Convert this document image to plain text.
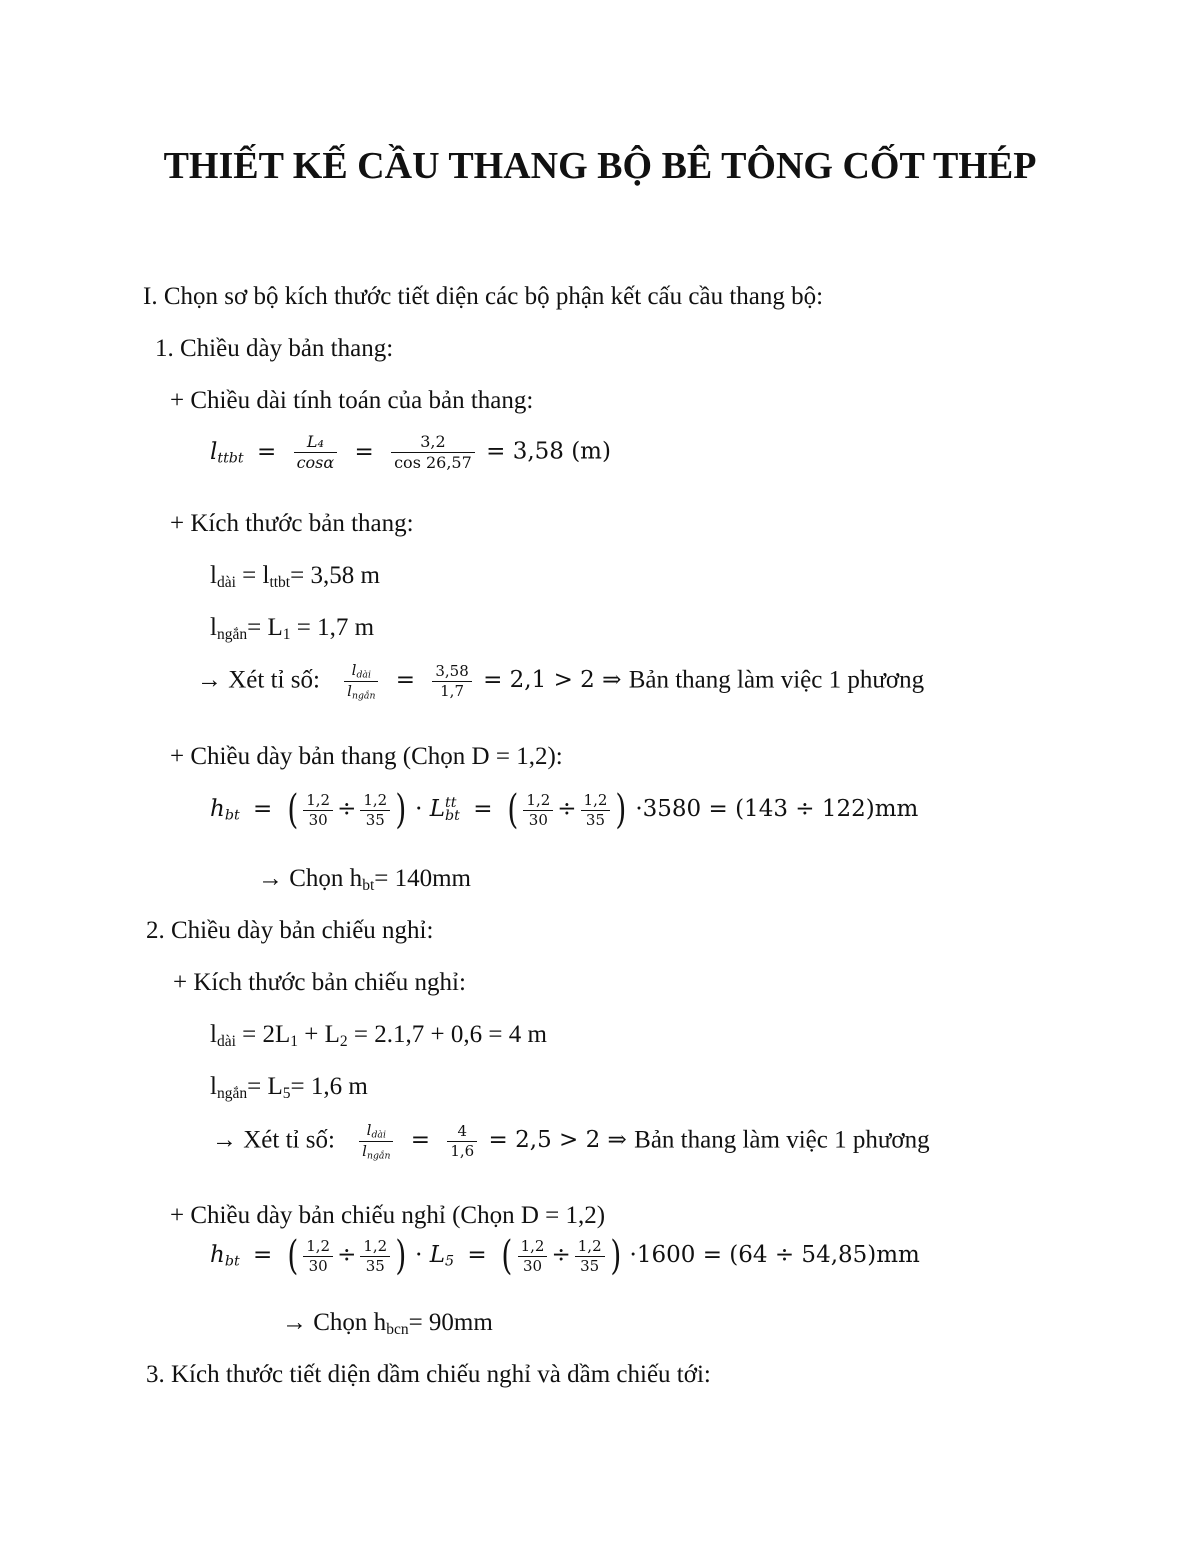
THIẾT KẾ CẦU THANG BỘ BÊ TÔNG CỐT THÉP
I. Chọn sơ bộ kích thước tiết diện các bộ phận kết cấu cầu thang bộ:
1. Chiều dày bản thang:
+ Chiều dài tính toán của bản thang:
$l_{ttbt} = \frac{\text{L₄}}{\cos\alpha} = \frac{3,2}{\cos 26,57} = 3,58$ (m)
+ Kích thước bản thang:
$l_{dài} = l_{ttbt}= 3,58$ m
$l_{ngắn}= L_1 = 1,7$ m
→ Xét tỉ số: $\frac{l_{dài}}{l_{ngắn}} = \frac{3,58}{1,7} = 2,1 > 2$ ⇒ Bản thang làm việc 1 phương
+ Chiều dày bản thang (Chọn D = 1,2):
$h_{bt}$ = ( $\frac{1,2}{30} \div \frac{1,2}{35}$ ) · L tt
bt = ( $\frac{1,2}{30} \div \frac{1,2}{35}$ ) ·3580 = (143 ÷ 122)mm
→ Chọn $h_{bt}= 140mm$
2. Chiều dày bản chiếu nghỉ:
+ Kích thước bản chiếu nghỉ:
$l_{dài} = 2L_1 + L_2 = 2.1,7 + 0,6 = 4$ m
$l_{ngắn}= L_5= 1,6$ m
→ Xét tỉ số: $\frac{l_{dài}}{l_{ngắn}} = \frac{4}{1,6} = 2,5 > 2$ ⇒ Bản thang làm việc 1 phương
+ Chiều dày bản chiếu nghỉ (Chọn D = 1,2)
$h_{bt}$ = ( $\frac{1,2}{30} \div \frac{1,2}{35}$ ) · $L_5$ = ( $\frac{1,2}{30} \div \frac{1,2}{35}$ ) ·1600 = (64 ÷ 54,85)mm
→ Chọn $h_{bcn}= 90mm$
3. Kích thước tiết diện dầm chiếu nghỉ và dầm chiếu tới:
